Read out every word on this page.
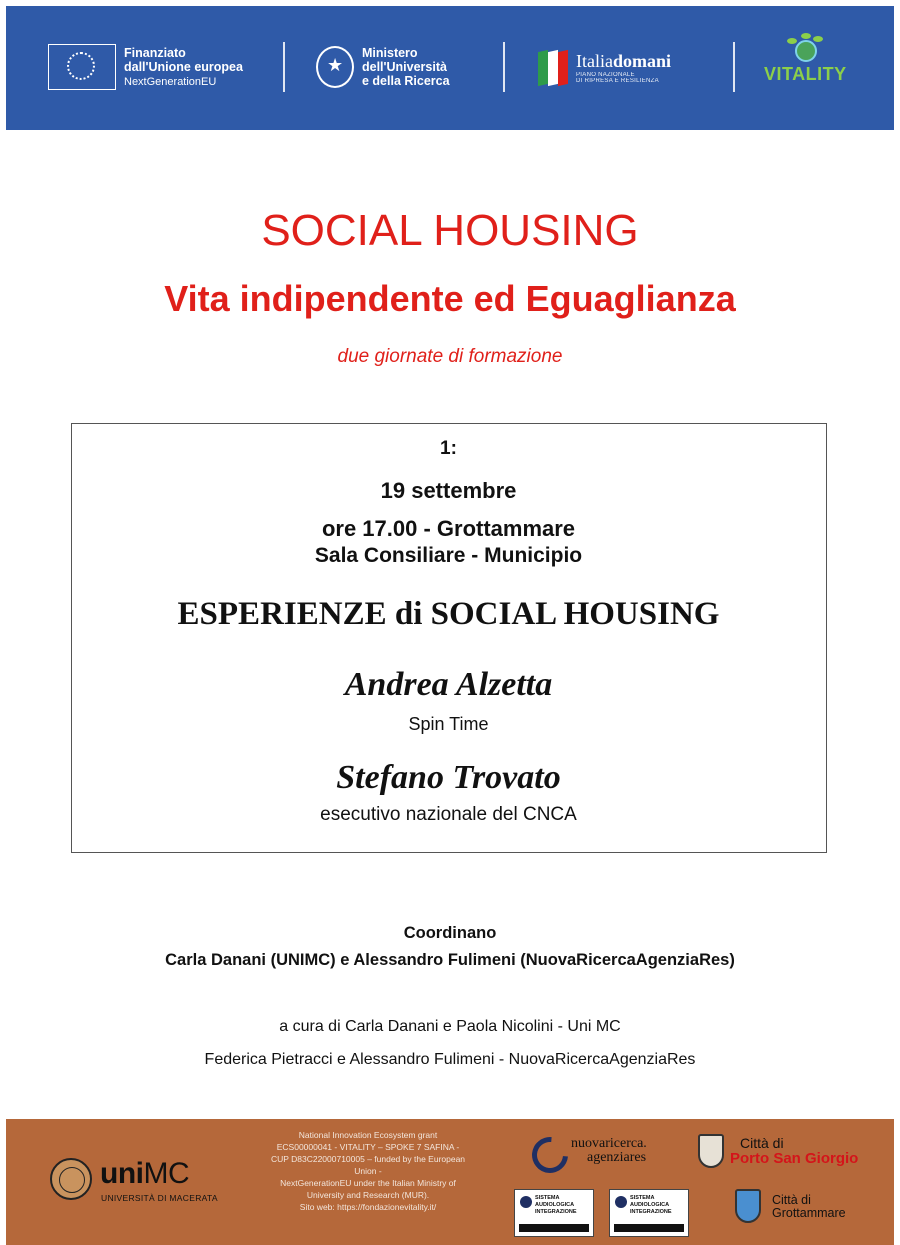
Finanziato
dall'Unione europea
NextGenerationEU
★
Ministero
dell'Università
e della Ricerca
Italiadomani
PIANO NAZIONALE
DI RIPRESA E RESILIENZA	VITALITY
SOCIAL HOUSING
Vita indipendente ed Eguaglianza
due giornate di formazione
1:
19 settembre
ore 17.00 - Grottammare
Sala Consiliare - Municipio
ESPERIENZE di SOCIAL HOUSING
Andrea Alzetta
Spin Time
Stefano Trovato
esecutivo nazionale del CNCA
Coordinano
Carla Danani (UNIMC) e Alessandro Fulimeni (NuovaRicercaAgenziaRes)
a cura di Carla Danani e Paola Nicolini - Uni MC
Federica Pietracci e Alessandro Fulimeni - NuovaRicercaAgenziaRes
uniMC
UNIVERSITÀ DI MACERATA
National Innovation Ecosystem grant
ECS00000041 - VITALITY – SPOKE 7 SAFINA -
CUP D83C22000710005 – funded by the European
Union -
NextGenerationEU under the Italian Ministry of
University and Research (MUR).
Sito web: https://fondazionevitality.it/
nuovaricerca.
agenziares
SISTEMA
AUDIOLOGICA
INTEGRAZIONE
SISTEMA
AUDIOLOGICA
INTEGRAZIONE
Città di
Porto San Giorgio
Città di
Grottammare
